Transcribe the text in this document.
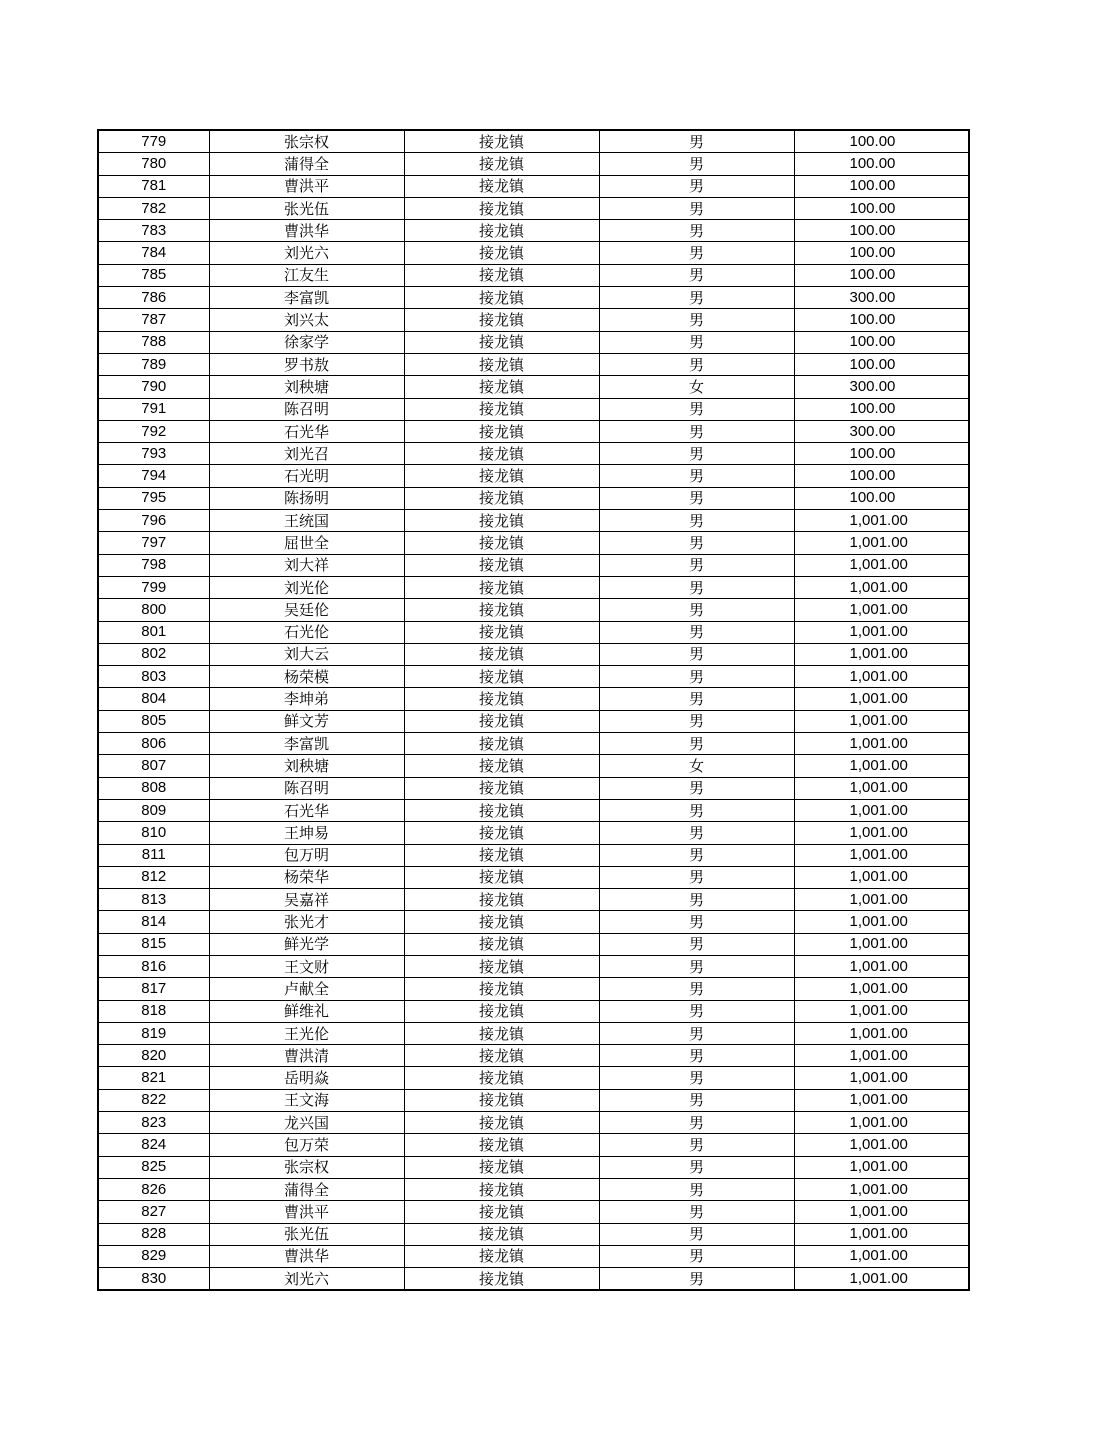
779	张宗权	接龙镇	男	100.00
780	蒲得全	接龙镇	男	100.00
781	曹洪平	接龙镇	男	100.00
782	张光伍	接龙镇	男	100.00
783	曹洪华	接龙镇	男	100.00
784	刘光六	接龙镇	男	100.00
785	江友生	接龙镇	男	100.00
786	李富凯	接龙镇	男	300.00
787	刘兴太	接龙镇	男	100.00
788	徐家学	接龙镇	男	100.00
789	罗书敖	接龙镇	男	100.00
790	刘秧塘	接龙镇	女	300.00
791	陈召明	接龙镇	男	100.00
792	石光华	接龙镇	男	300.00
793	刘光召	接龙镇	男	100.00
794	石光明	接龙镇	男	100.00
795	陈扬明	接龙镇	男	100.00
796	王统国	接龙镇	男	1,001.00
797	屈世全	接龙镇	男	1,001.00
798	刘大祥	接龙镇	男	1,001.00
799	刘光伦	接龙镇	男	1,001.00
800	吴廷伦	接龙镇	男	1,001.00
801	石光伦	接龙镇	男	1,001.00
802	刘大云	接龙镇	男	1,001.00
803	杨荣模	接龙镇	男	1,001.00
804	李坤弟	接龙镇	男	1,001.00
805	鲜文芳	接龙镇	男	1,001.00
806	李富凯	接龙镇	男	1,001.00
807	刘秧塘	接龙镇	女	1,001.00
808	陈召明	接龙镇	男	1,001.00
809	石光华	接龙镇	男	1,001.00
810	王坤易	接龙镇	男	1,001.00
811	包万明	接龙镇	男	1,001.00
812	杨荣华	接龙镇	男	1,001.00
813	吴嘉祥	接龙镇	男	1,001.00
814	张光才	接龙镇	男	1,001.00
815	鲜光学	接龙镇	男	1,001.00
816	王文财	接龙镇	男	1,001.00
817	卢献全	接龙镇	男	1,001.00
818	鲜维礼	接龙镇	男	1,001.00
819	王光伦	接龙镇	男	1,001.00
820	曹洪清	接龙镇	男	1,001.00
821	岳明焱	接龙镇	男	1,001.00
822	王文海	接龙镇	男	1,001.00
823	龙兴国	接龙镇	男	1,001.00
824	包万荣	接龙镇	男	1,001.00
825	张宗权	接龙镇	男	1,001.00
826	蒲得全	接龙镇	男	1,001.00
827	曹洪平	接龙镇	男	1,001.00
828	张光伍	接龙镇	男	1,001.00
829	曹洪华	接龙镇	男	1,001.00
830	刘光六	接龙镇	男	1,001.00
